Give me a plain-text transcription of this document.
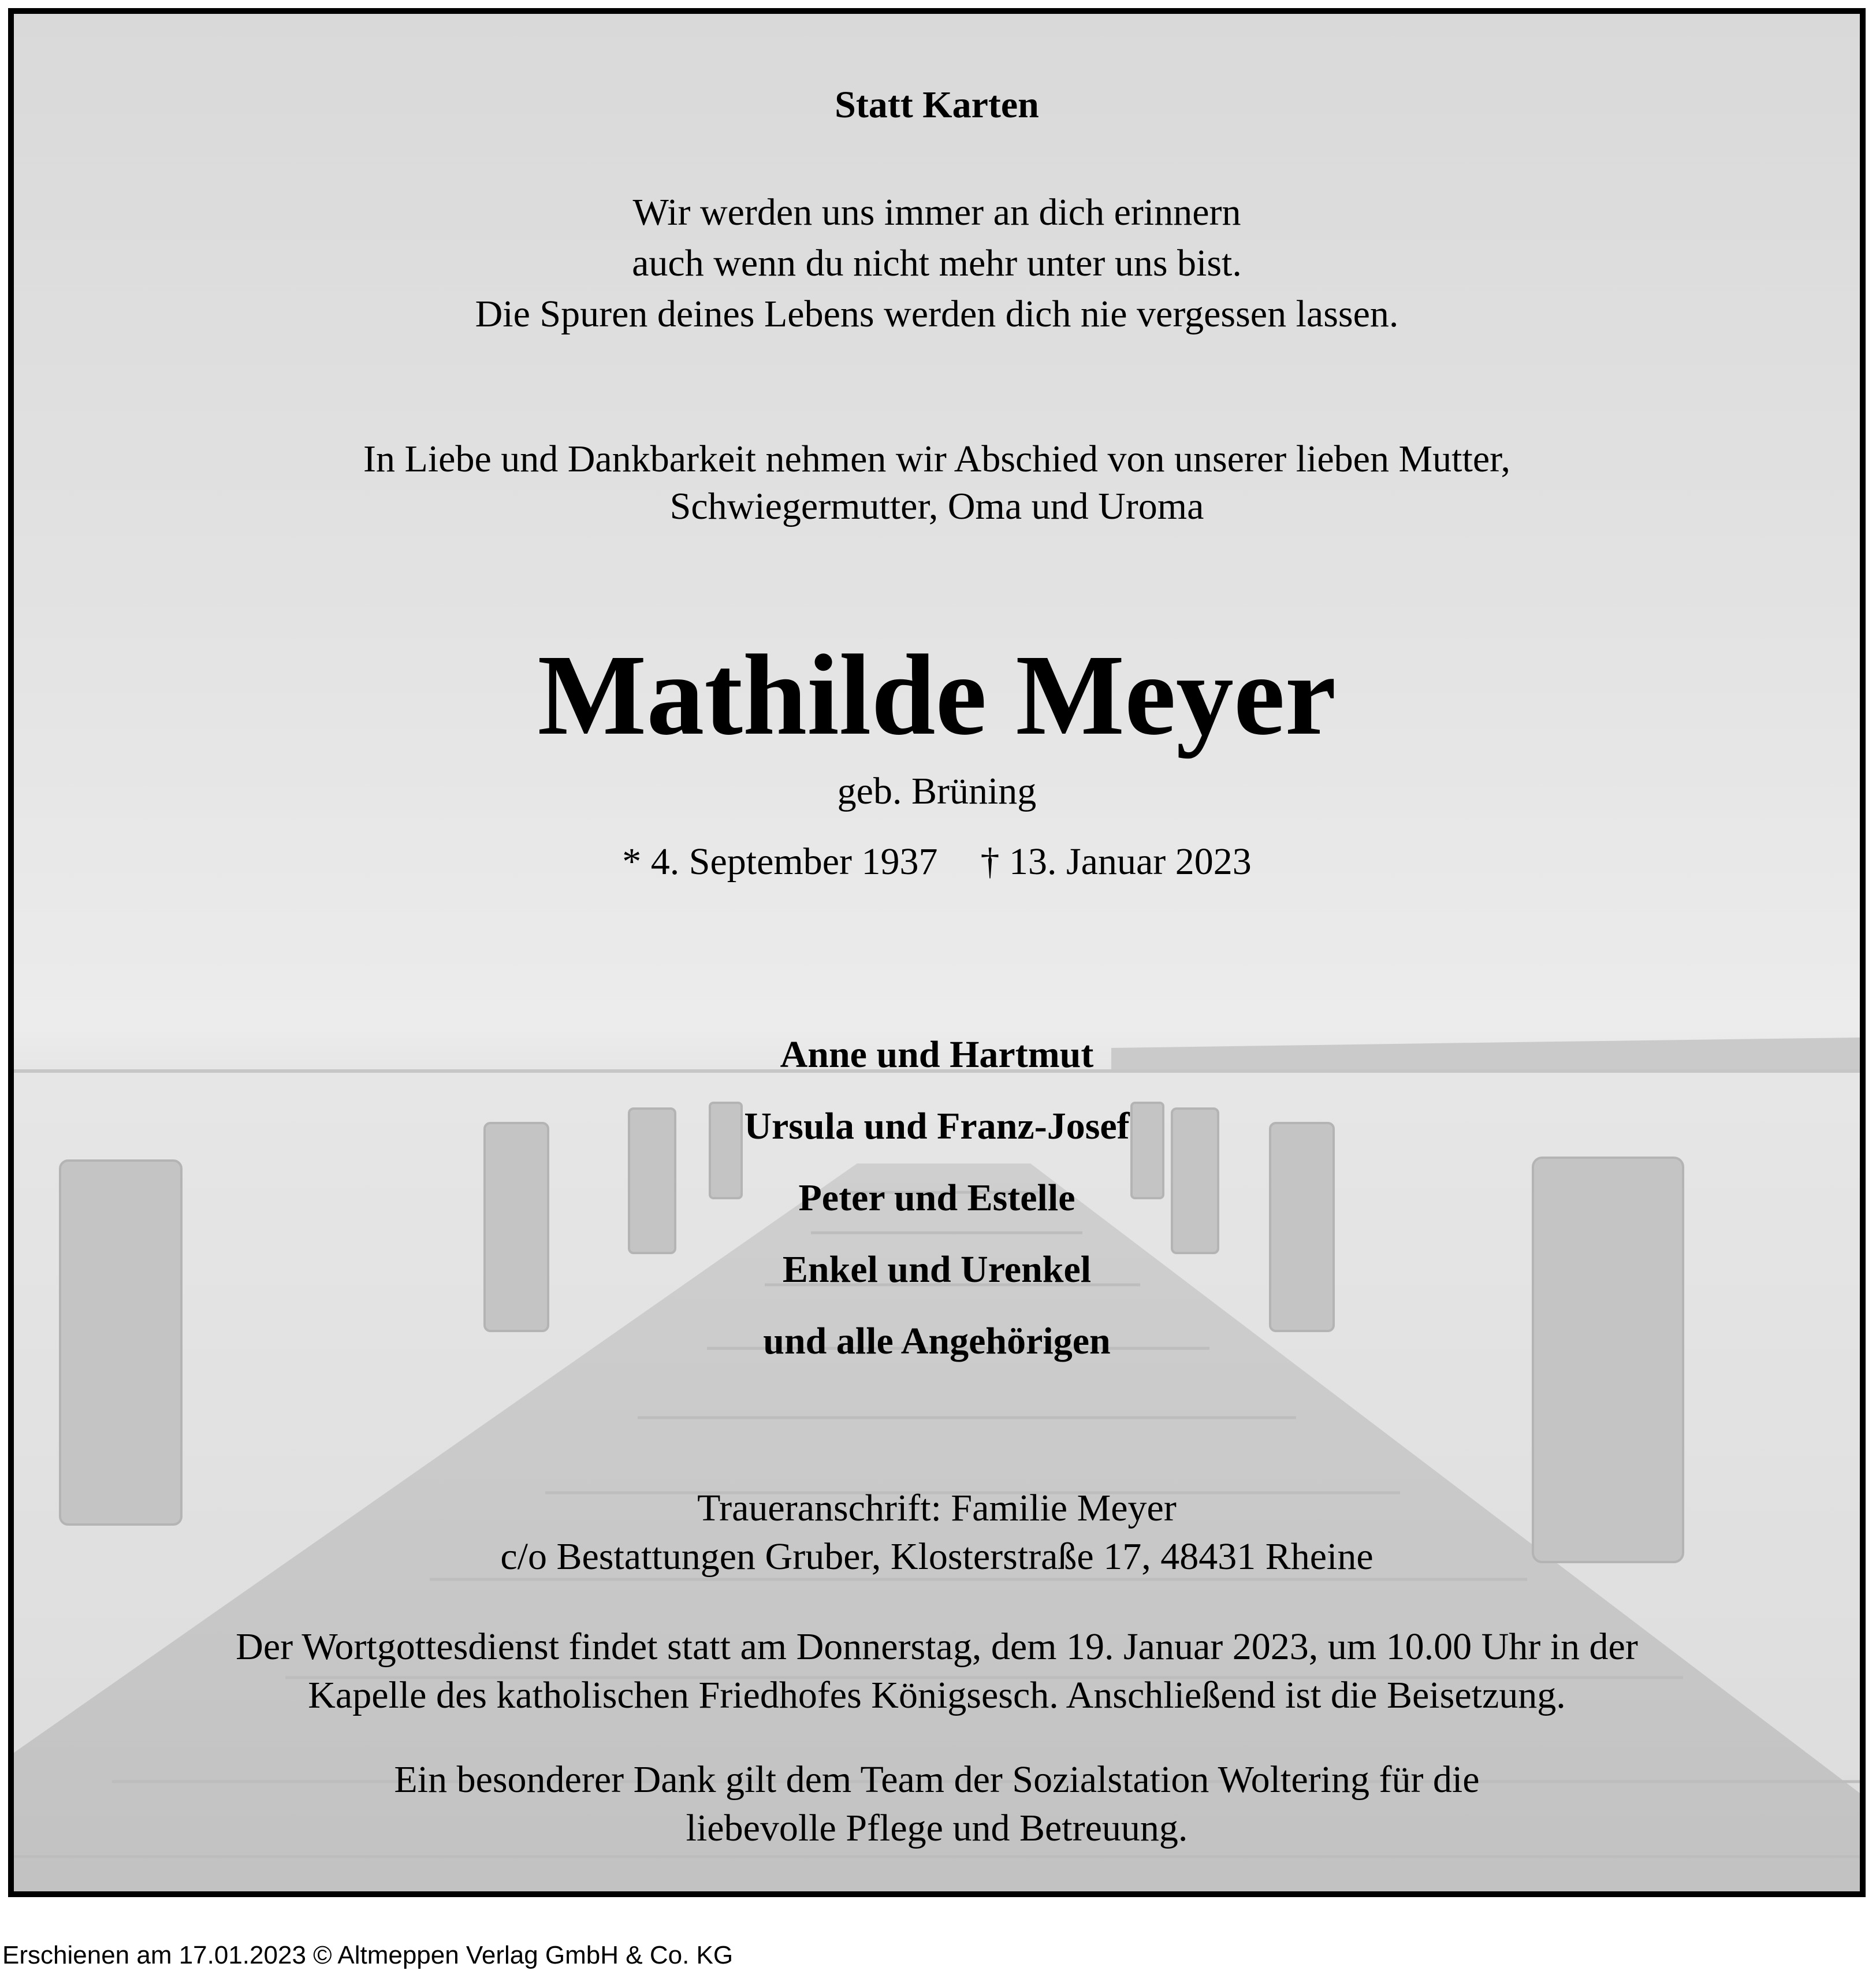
Statt Karten
Wir werden uns immer an dich erinnern
auch wenn du nicht mehr unter uns bist.
Die Spuren deines Lebens werden dich nie vergessen lassen.
In Liebe und Dankbarkeit nehmen wir Abschied von unserer lieben Mutter,
Schwiegermutter, Oma und Uroma
Mathilde Meyer
geb. Brüning
* 4. September 1937 † 13. Januar 2023
Anne und Hartmut
Ursula und Franz-Josef
Peter und Estelle
Enkel und Urenkel
und alle Angehörigen
Traueranschrift: Familie Meyer
c/o Bestattungen Gruber, Klosterstraße 17, 48431 Rheine
Der Wortgottesdienst findet statt am Donnerstag, dem 19. Januar 2023, um 10.00 Uhr in der
Kapelle des katholischen Friedhofes Königsesch. Anschließend ist die Beisetzung.
Ein besonderer Dank gilt dem Team der Sozialstation Woltering für die
liebevolle Pflege und Betreuung.
Erschienen am 17.01.2023 © Altmeppen Verlag GmbH & Co. KG
